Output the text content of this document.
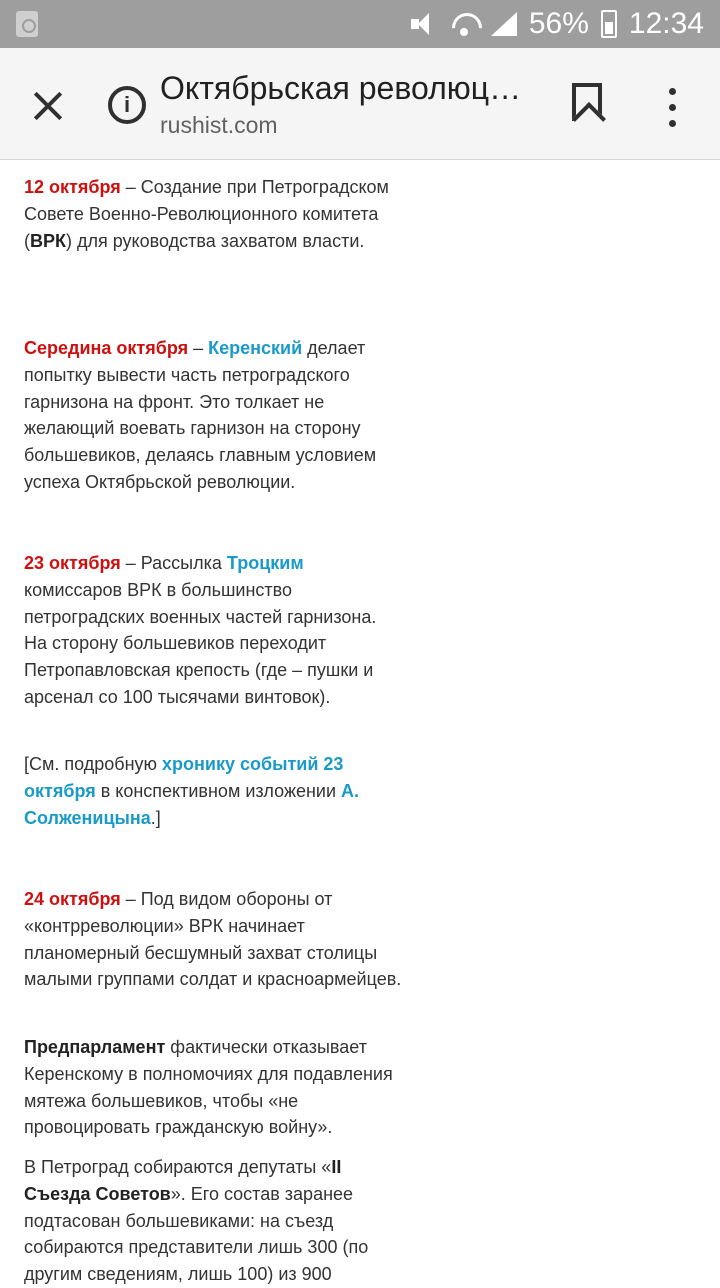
56% 12:34
i Октябрьская революц…
rushist.com

12 октября – Создание при Петроградском Совете Военно-Революционного комитета (ВРК) для руководства захватом власти.

Середина октября – Керенский делает попытку вывести часть петроградского гарнизона на фронт. Это толкает не желающий воевать гарнизон на сторону большевиков, делаясь главным условием успеха Октябрьской революции.

23 октября – Рассылка Троцким комиссаров ВРК в большинство петроградских военных частей гарнизона. На сторону большевиков переходит Петропавловская крепость (где – пушки и арсенал со 100 тысячами винтовок).

[См. подробную хронику событий 23 октября в конспективном изложении А. Солженицына.]

24 октября – Под видом обороны от «контрреволюции» ВРК начинает планомерный бесшумный захват столицы малыми группами солдат и красноармейцев.

Предпарламент фактически отказывает Керенскому в полномочиях для подавления мятежа большевиков, чтобы «не провоцировать гражданскую войну».

В Петроград собираются депутаты «II Съезда Советов». Его состав заранее подтасован большевиками: на съезд собираются представители лишь 300 (по другим сведениям, лишь 100) из 900
